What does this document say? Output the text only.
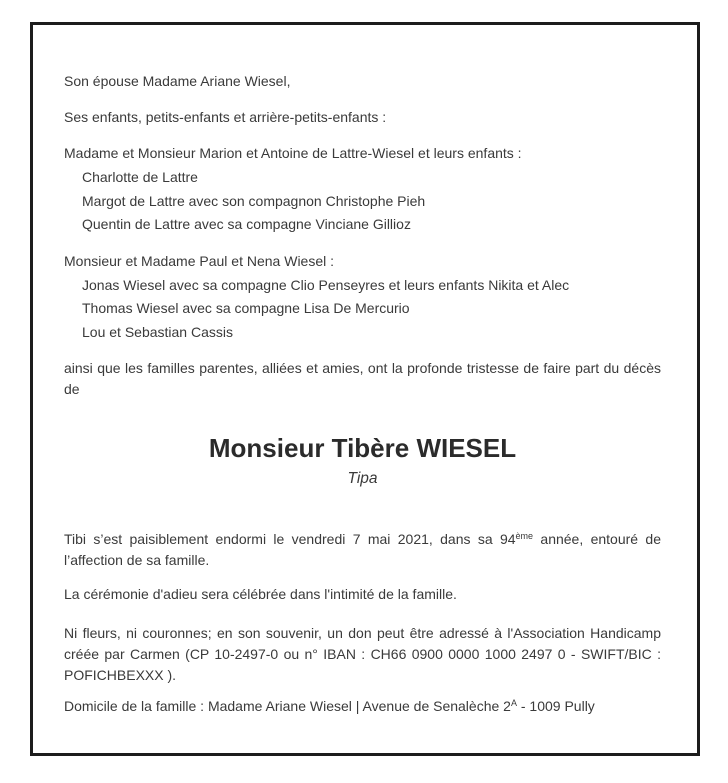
Son épouse Madame Ariane Wiesel,

Ses enfants, petits-enfants et arrière-petits-enfants :

Madame et Monsieur Marion et Antoine de Lattre-Wiesel et leurs enfants :

Charlotte de Lattre
Margot de Lattre avec son compagnon Christophe Pieh
Quentin de Lattre avec sa compagne Vinciane Gillioz

Monsieur et Madame Paul et Nena Wiesel :

Jonas Wiesel avec sa compagne Clio Penseyres et leurs enfants Nikita et Alec
Thomas Wiesel avec sa compagne Lisa De Mercurio
Lou et Sebastian Cassis

ainsi que les familles parentes, alliées et amies, ont la profonde tristesse de faire part du décès de

Monsieur Tibère WIESEL
Tipa

Tibi s’est paisiblement endormi le vendredi 7 mai 2021, dans sa 94ème année, entouré de l’affection de sa famille.

La cérémonie d'adieu sera célébrée dans l'intimité de la famille.

Ni fleurs, ni couronnes; en son souvenir, un don peut être adressé à l'Association Handicamp créée par Carmen (CP 10-2497-0 ou n° IBAN : CH66 0900 0000 1000 2497 0 - SWIFT/BIC : POFICHBEXXX ).

Domicile de la famille : Madame Ariane Wiesel | Avenue de Senalèche $2^A - 1009$ Pully
